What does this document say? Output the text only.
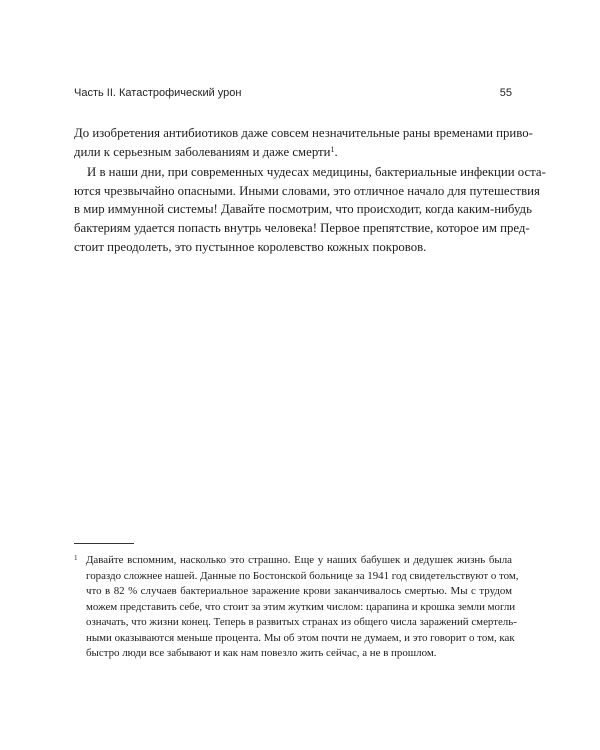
Часть II. Катастрофический урон	55
До изобретения антибиотиков даже совсем незначительные раны временами приво-
дили к серьезным заболеваниям и даже смерти$^1$.
И в наши дни, при современных чудесах медицины, бактериальные инфекции оста-
ются чрезвычайно опасными. Иными словами, это отличное начало для путешествия
в мир иммунной системы! Давайте посмотрим, что происходит, когда каким-нибудь
бактериям удается попасть внутрь человека! Первое препятствие, которое им пред-
стоит преодолеть, это пустынное королевство кожных покровов.
1 Давайте вспомним, насколько это страшно. Еще у наших бабушек и дедушек жизнь была
гораздо сложнее нашей. Данные по Бостонской больнице за 1941 год свидетельствуют о том,
что в 82 % случаев бактериальное заражение крови заканчивалось смертью. Мы с трудом
можем представить себе, что стоит за этим жутким числом: царапина и крошка земли могли
означать, что жизни конец. Теперь в развитых странах из общего числа заражений смертель-
ными оказываются меньше процента. Мы об этом почти не думаем, и это говорит о том, как
быстро люди все забывают и как нам повезло жить сейчас, а не в прошлом.
